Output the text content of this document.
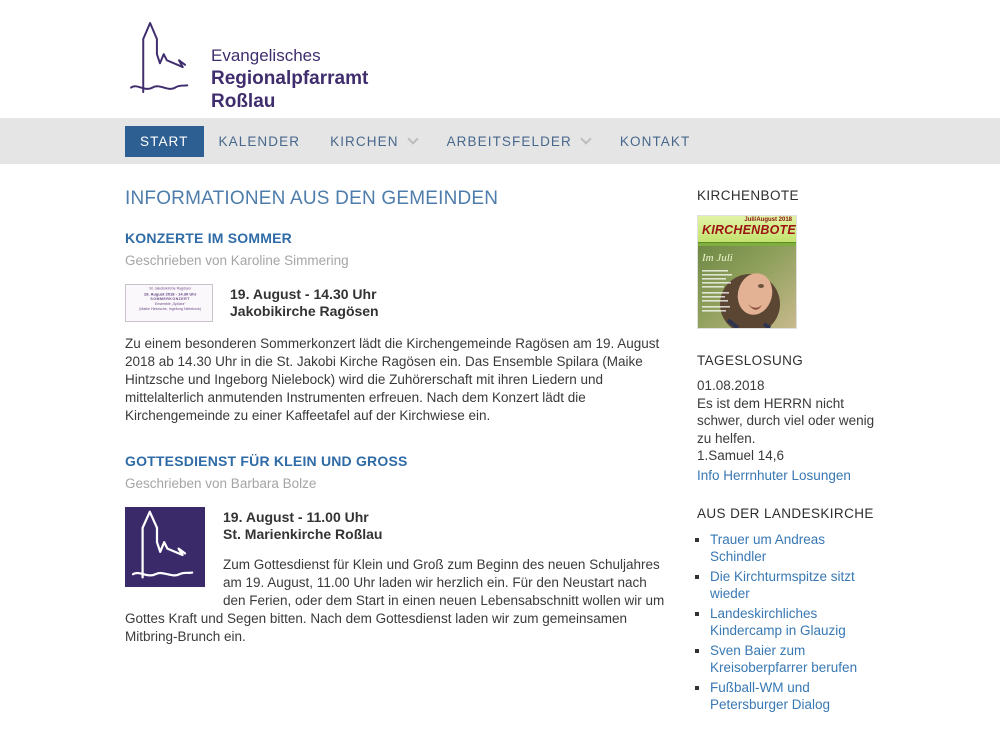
Evangelisches
Regionalpfarramt
Roßlau
START KALENDER KIRCHEN	ARBEITSFELDER	KONTAKT
INFORMATIONEN AUS DEN GEMEINDEN
KONZERTE IM SOMMER
Geschrieben von Karoline Simmering
St. Jakobskirche Ragösen
19. August 2018 - 14.30 Uhr
SOMMERKONZERT
Ensemble „Spilara“
(Maike Hintzsche, Ingeborg Nielebock)
19. August - 14.30 Uhr
Jakobikirche Ragösen

Zu einem besonderen Sommerkonzert lädt die Kirchengemeinde Ragösen am 19. August 2018 ab 14.30 Uhr in die St. Jakobi Kirche Ragösen ein. Das Ensemble Spilara (Maike Hintzsche und Ingeborg Nielebock) wird die Zuhörerschaft mit ihren Liedern und mittelalterlich anmutenden Instrumenten erfreuen. Nach dem Konzert lädt die Kirchengemeinde zu einer Kaffeetafel auf der Kirchwiese ein.

GOTTESDIENST FÜR KLEIN UND GROSS
Geschrieben von Barbara Bolze
19. August - 11.00 Uhr
St. Marienkirche Roßlau

Zum Gottesdienst für Klein und Groß zum Beginn des neuen Schuljahres am 19. August, 11.00 Uhr laden wir herzlich ein. Für den Neustart nach den Ferien, oder dem Start in einen neuen Lebensabschnitt wollen wir um Gottes Kraft und Segen bitten. Nach dem Gottesdienst laden wir zum gemeinsamen Mitbring-Brunch ein.

KIRCHENBOTE
Juli/August 2018
KIRCHENBOTE
Im Juli
TAGESLOSUNG
01.08.2018
Es ist dem HERRN nicht schwer, durch viel oder wenig zu helfen.
1.Samuel 14,6
Info Herrnhuter Losungen
AUS DER LANDESKIRCHE
▪ Trauer um Andreas Schindler
▪ Die Kirchturmspitze sitzt wieder
▪ Landeskirchliches Kindercamp in Glauzig
▪ Sven Baier zum Kreisoberpfarrer berufen
▪ Fußball-WM und Petersburger Dialog
